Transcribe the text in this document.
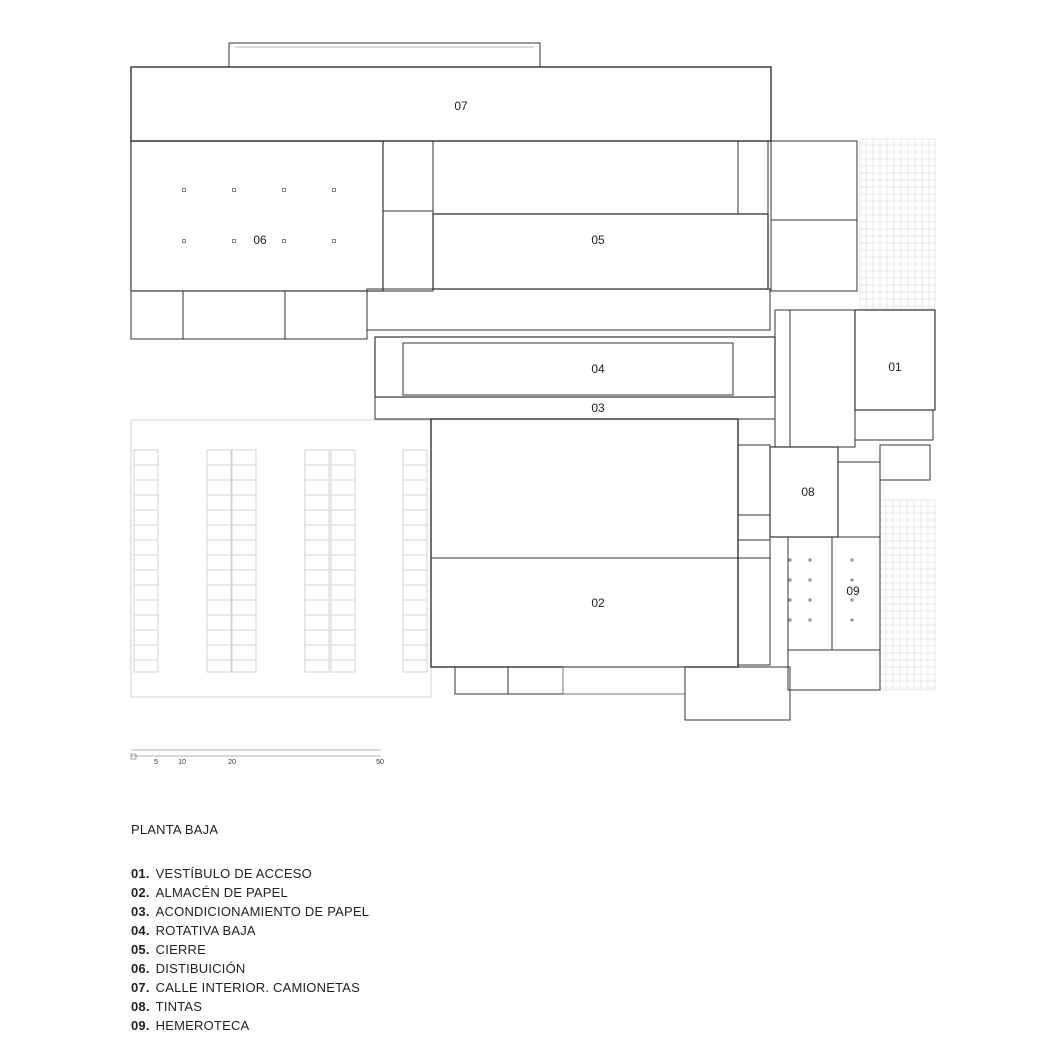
07
06	05
04
03
02
01
08
09
5	10	20	50
PLANTA BAJA
01. VESTÍBULO DE ACCESO
02. ALMACÉN DE PAPEL
03. ACONDICIONAMIENTO DE PAPEL
04. ROTATIVA BAJA
05. CIERRE
06. DISTIBUICIÓN
07. CALLE INTERIOR. CAMIONETAS
08. TINTAS
09. HEMEROTECA
